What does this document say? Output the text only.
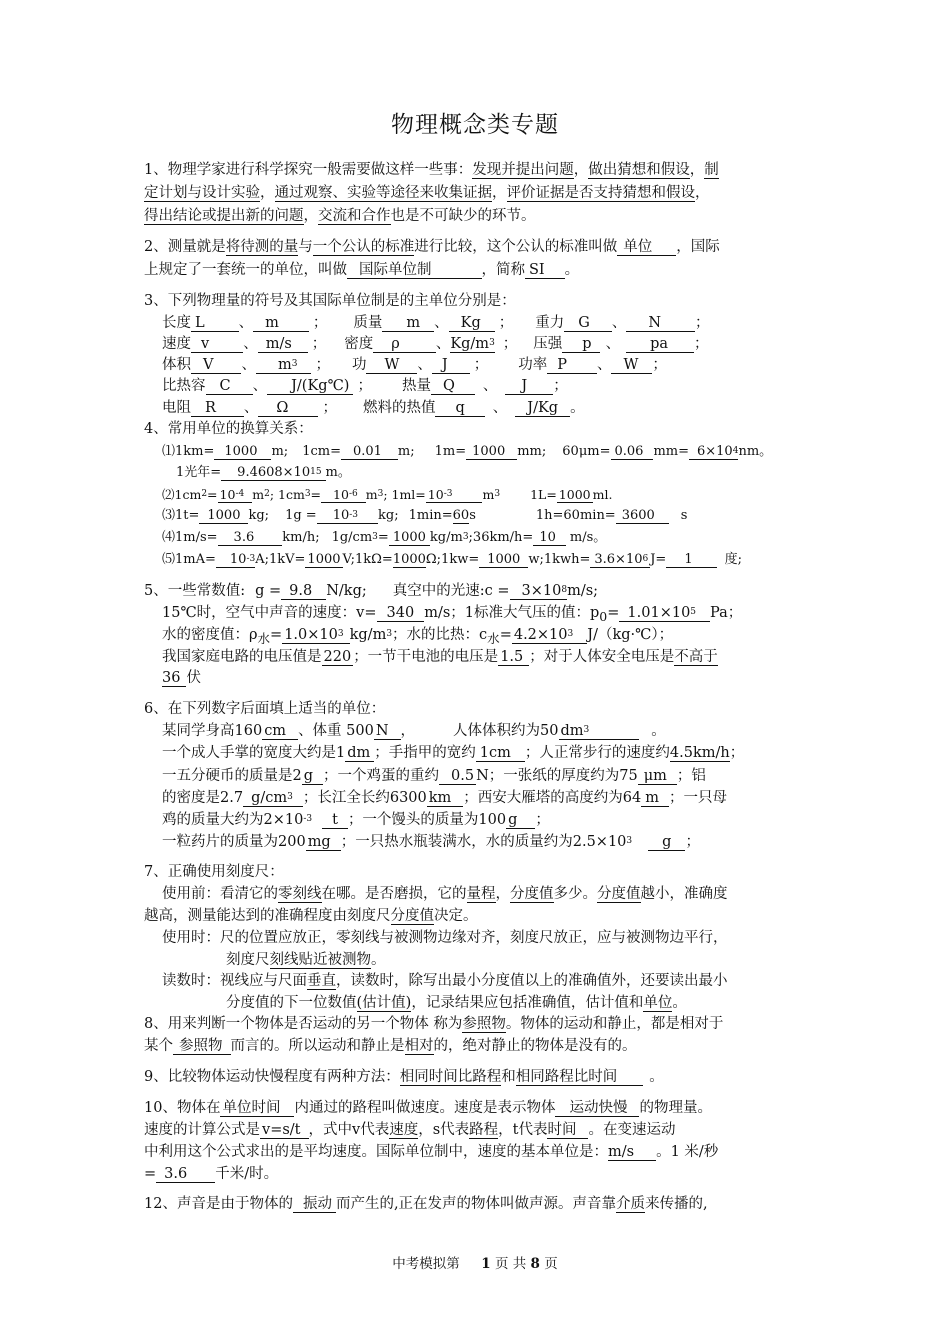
物理概念类专题
1、物理学家进行科学探究一般需要做这样一些事：发现并提出问题，做出猜想和假设，制
定计划与设计实验，通过观察、实验等途径来收集证据，评价证据是否支持猜想和假设，
得出结论或提出新的问题，交流和合作也是不可缺少的环节。
2、测量就是将待测的量与一个公认的标准进行比较，这个公认的标准叫做 单位 ，国际
上规定了一套统一的单位，叫做 国际单位制	，简称 SI 。
3、下列物理量的符号及其国际单位制是的主单位分别是：
长度 L 、 m ； 质量 m 、 Kg ； 重力 G 、 N ；
速度 v 、 m/s ； 密度 ρ 、$Kg/m^3$ ； 压强 p 、 pa ；
体积 V 、 $m^3$ ； 功 W 、 J ； 功率 P 、 W ；
比热容 C 、 J/(Kg℃) ； 热量 Q 、 J ；
电阻 R 、 Ω ； 燃料的热值 q 、 J/Kg 。
4、常用单位的换算关系：
⑴1km= 1000 m; 1cm= 0.01 m; 1m= 1000 mm; 60μm= 0.06 $mm= 6\times 10^4nm$。
1光年= $9.4608\times 10^{15}$ m。
$⑵1cm^2= 10^{-4}$ $m^2$; $1cm^3= 10^{-6}$ $m^3$; $1ml= 10^{-3}$ $m^3$ 1L= 1000 ml.
⑶1t= 1000 kg; $1g = 10^{-3}$ kg; 1min=60s	1h=60min= 3600 s
⑷1m/s= 3.6 km/h; $1g/cm^3= 1000$ $kg/m^3;36km/h= 10$ m/s。
⑸1mA= $10^{-3}A;1kV= 1000$ V;1kΩ=1000Ω;1kw= 1000 w;1kwh= $3.6\times 10^6$ J= 1 度;
5、一些常数值: g = 9.8 N/kg; 真空中的光速:c = $3\times 10^8m/s$;
15℃时，空气中声音的速度：v= 340 m/s；1标准大气压的值：$p_0= 1.01\times 10^5$ Pa；
水的密度值：$\rho_水= 1.0\times 10^3$ $kg/m^3$；水的比热：$c_水= 4.2\times 10^3$ J/（kg·℃）；
我国家庭电路的电压值是 220 ；一节干电池的电压是 1.5 ；对于人体安全电压是不高于
36 伏
6、在下列数字后面填上适当的单位：
某同学身高160 cm 、体重 500 N ，	人体体积约为50 $dm^3$	。
一个成人手掌的宽度大约是1 dm ；手指甲的宽约 1cm ；人正常步行的速度约4.5km/h；
一五分硬币的质量是2 g ；一个鸡蛋的重约 0.5 N；一张纸的厚度约为75 μm ；铝
的密度是2.7 $g/cm^3$ ；长江全长约6300 km ；西安大雁塔的高度约为64 m ；一只母
鸡的质量大约为$2\times 10^{-3}$ t ；一个馒头的质量为100 g ；
一粒药片的质量为200 mg ；一只热水瓶装满水，水的质量约为$2.5\times 10^3$ g ；
7、正确使用刻度尺：
使用前：看清它的零刻线在哪。是否磨损，它的量程，分度值多少。分度值越小，准确度
越高，测量能达到的准确程度由刻度尺分度值决定。
使用时：尺的位置应放正，零刻线与被测物边缘对齐，刻度尺放正，应与被测物边平行，
刻度尺刻线贴近被测物。
读数时：视线应与尺面垂直，读数时，除写出最小分度值以上的准确值外，还要读出最小
分度值的下一位数值(估计值)，记录结果应包括准确值，估计值和单位。
8、用来判断一个物体是否运动的另一个物体 称为参照物。物体的运动和静止，都是相对于
某个 参照物 而言的。所以运动和静止是相对的，绝对静止的物体是没有的。
9、比较物体运动快慢程度有两种方法：相同时间比路程和相同路程比时间 。
10、物体在 单位时间 内通过的路程叫做速度。速度是表示物体 运动快慢 的物理量。
速度的计算公式是 v=s/t ，式中v代表速度，s代表路程，t代表时间 。在变速运动
中利用这个公式求出的是平均速度。国际单位制中，速度的基本单位是：m/s 。1 米/秒
= 3.6 千米/时。
12、声音是由于物体的 振动 而产生的,正在发声的物体叫做声源。声音靠介质来传播的,
中考模拟第 1 页 共 8 页
